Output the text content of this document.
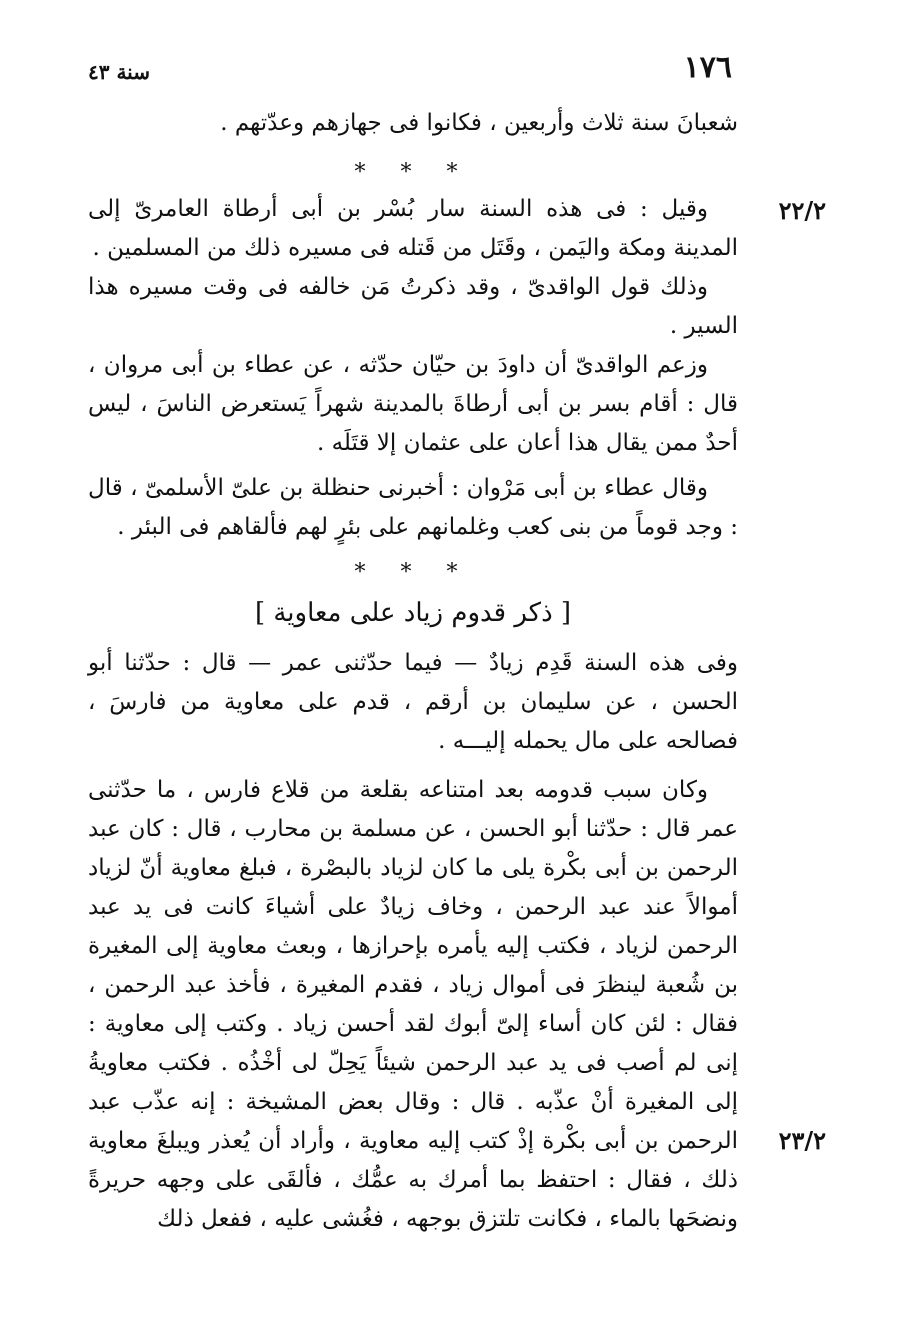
١٧٦
سنة ٤٣

شعبانَ سنة ثلاث وأربعين ، فكانوا فى جهازهم وعدّتهم .

* * *
٢٢/٢

وقيل : فى هذه السنة سار بُسْر بن أبى أرطاة العامرىّ إلى المدينة ومكة واليَمن ، وقَتَل من قَتله فى مسيره ذلك من المسلمين .

وذلك قول الواقدىّ ، وقد ذكرتُ مَن خالفه فى وقت مسيره هذا السير .

وزعم الواقدىّ أن داودَ بن حيّان حدّثه ، عن عطاء بن أبى مروان ، قال : أقام بسر بن أبى أرطاةَ بالمدينة شهراً يَستعرض الناسَ ، ليس أحدٌ ممن يقال هذا أعان على عثمان إلا قتَلَه .

وقال عطاء بن أبى مَرْوان : أخبرنى حنظلة بن علىّ الأسلمىّ ، قال : وجد قوماً من بنى كعب وغلمانهم على بئرٍ لهم فألقاهم فى البئر .

* * *
[ ذكر قدوم زياد على معاوية ]
٢٣/٢

وفى هذه السنة قَدِم زيادٌ — فيما حدّثنى عمر — قال : حدّثنا أبو الحسن ، عن سليمان بن أرقم ، قدم على معاوية من فارسَ ، فصالحه على مال يحمله إليـــه .

وكان سبب قدومه بعد امتناعه بقلعة من قلاع فارس ، ما حدّثنى عمر قال : حدّثنا أبو الحسن ، عن مسلمة بن محارب ، قال : كان عبد الرحمن بن أبى بكْرة يلى ما كان لزياد بالبصْرة ، فبلغ معاوية أنّ لزياد أموالاً عند عبد الرحمن ، وخاف زيادٌ على أشياءَ كانت فى يد عبد الرحمن لزياد ، فكتب إليه يأمره بإحرازها ، وبعث معاوية إلى المغيرة بن شُعبة لينظرَ فى أموال زياد ، فقدم المغيرة ، فأخذ عبد الرحمن ، فقال : لئن كان أساء إلىّ أبوك لقد أحسن زياد . وكتب إلى معاوية : إنى لم أصب فى يد عبد الرحمن شيئاً يَحِلّ لى أخْذُه . فكتب معاويةُ إلى المغيرة أنْ عذّبه . قال : وقال بعض المشيخة : إنه عذّب عبد الرحمن بن أبى بكْرة إذْ كتب إليه معاوية ، وأراد أن يُعذر ويبلغَ معاوية ذلك ، فقال : احتفظ بما أمرك به عمُّك ، فألقَى على وجهه حريرةً ونضحَها بالماء ، فكانت تلتزق بوجهه ، فغُشى عليه ، ففعل ذلك
